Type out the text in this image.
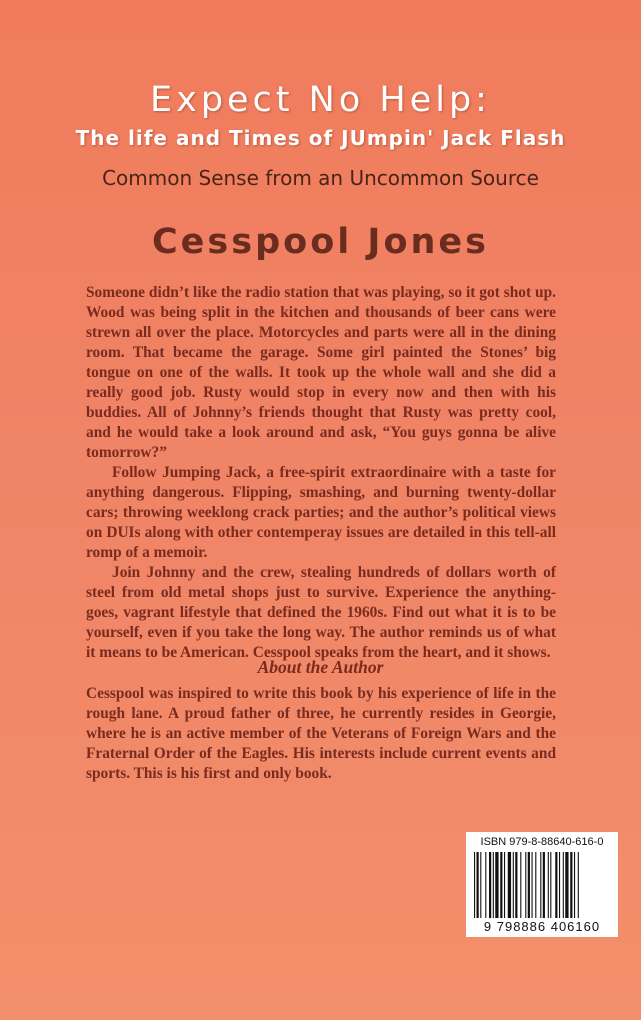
Expect No Help:
The life and Times of JUmpin' Jack Flash
Common Sense from an Uncommon Source
Cesspool Jones

Someone didn’t like the radio station that was playing, so it got shot up. Wood was being split in the kitchen and thousands of beer cans were strewn all over the place. Motorcycles and parts were all in the dining room. That became the garage. Some girl painted the Stones’ big tongue on one of the walls. It took up the whole wall and she did a really good job. Rusty would stop in every now and then with his buddies. All of Johnny’s friends thought that Rusty was pretty cool, and he would take a look around and ask, “You guys gonna be alive tomorrow?”

Follow Jumping Jack, a free-spirit extraordinaire with a taste for anything dangerous. Flipping, smashing, and burning twenty-dollar cars; throwing weeklong crack parties; and the author’s political views on DUIs along with other contemperay issues are detailed in this tell-all romp of a memoir.

Join Johnny and the crew, stealing hundreds of dollars worth of steel from old metal shops just to survive. Experience the anything-goes, vagrant lifestyle that defined the 1960s. Find out what it is to be yourself, even if you take the long way. The author reminds us of what it means to be American. Cesspool speaks from the heart, and it shows.

About the Author

Cesspool was inspired to write this book by his experience of life in the rough lane. A proud father of three, he currently resides in Georgie, where he is an active member of the Veterans of Foreign Wars and the Fraternal Order of the Eagles. His interests include current events and sports. This is his first and only book.

ISBN 979-8-88640-616-0
9 798886 406160
